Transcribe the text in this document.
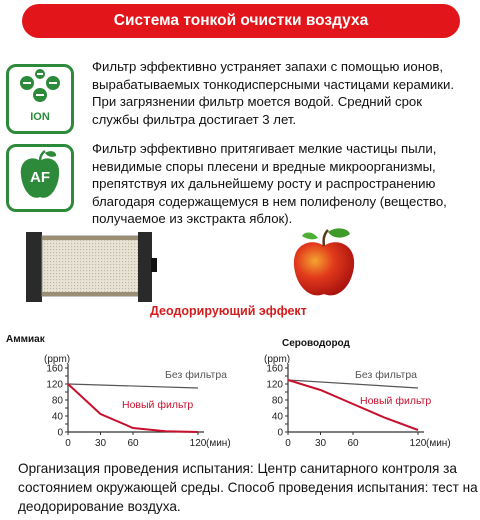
Система тонкой очистки воздуха
ION
Фильтр эффективно устраняет запахи с помощью ионов, вырабатываемых тонкодисперсными частицами керамики. При загрязнении фильтр моется водой. Средний срок службы фильтра достигает 3 лет.
AF
Фильтр эффективно притягивает мелкие частицы пыли, невидимые споры плесени и вредные микроорганизмы, препятствуя их дальнейшему росту и распространению благодаря содержащемуся в нем полифенолу (вещество, получаемое из экстракта яблок).
Деодорирующий эффект
Аммиак	Сероводород
0
40
80
120
160
(ppm)
0 30 60	120 (мин)
Без фильтра
Новый фильтр
0
40
80
120
160
(ppm)
0 30 60	120 (мин)
Без фильтра
Новый фильтр
Организация проведения испытания: Центр санитарного контроля за состоянием окружающей среды. Способ проведения испытания: тест на деодорирование воздуха.
